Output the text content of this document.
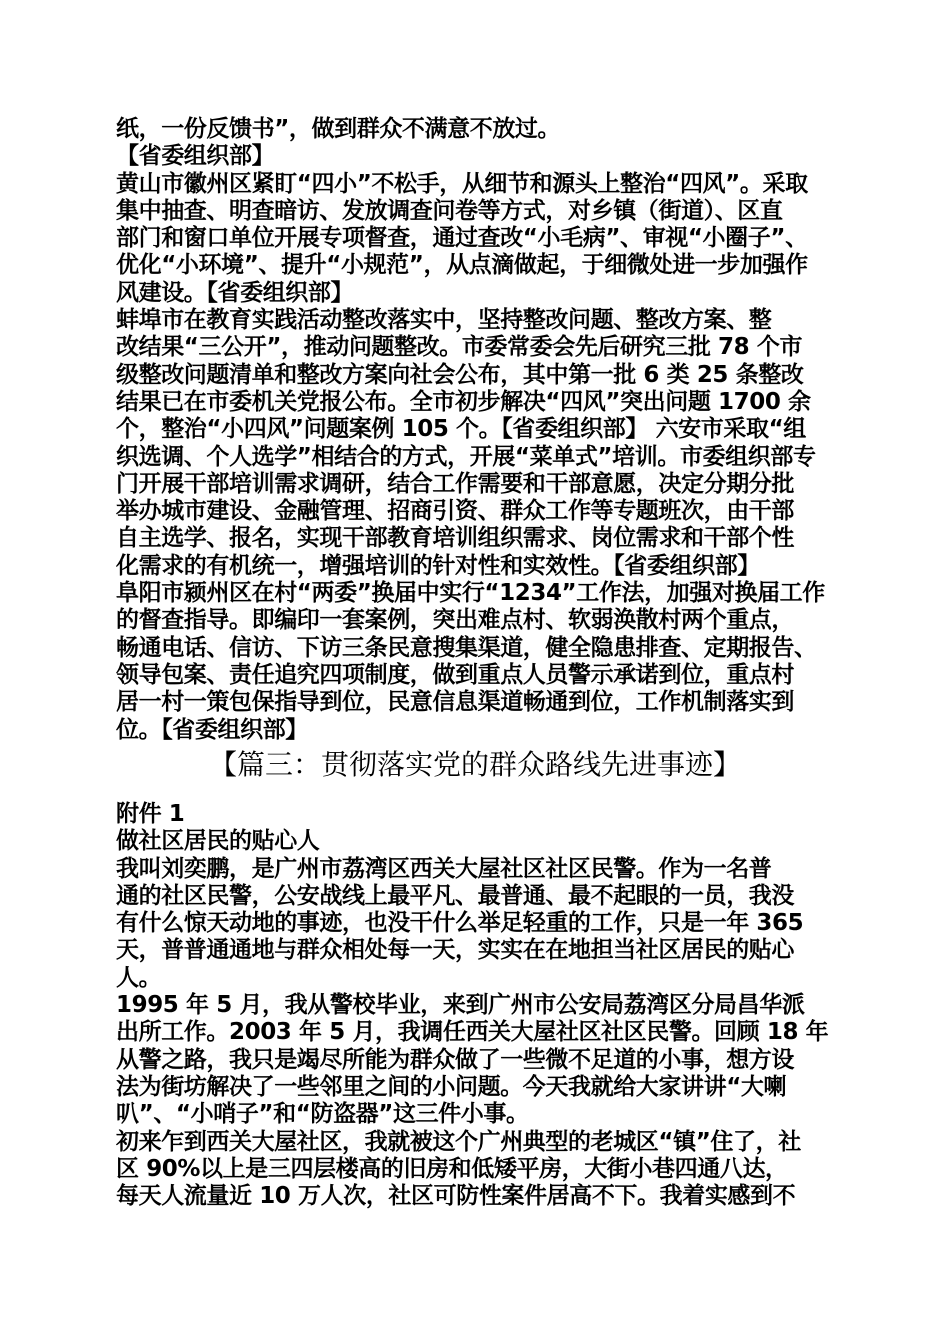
纸，一份反馈书”，做到群众不满意不放过。
【省委组织部】
黄山市徽州区紧盯“四小”不松手，从细节和源头上整治“四风”。采取
集中抽查、明查暗访、发放调查问卷等方式，对乡镇（街道）、区直
部门和窗口单位开展专项督查，通过查改“小毛病”、审视“小圈子”、
优化“小环境”、提升“小规范”，从点滴做起，于细微处进一步加强作
风建设。【省委组织部】
蚌埠市在教育实践活动整改落实中，坚持整改问题、整改方案、整
改结果“三公开”，推动问题整改。市委常委会先后研究三批 78 个市
级整改问题清单和整改方案向社会公布，其中第一批 6 类 25 条整改
结果已在市委机关党报公布。全市初步解决“四风”突出问题 1700 余
个，整治“小四风”问题案例 105 个。【省委组织部】 六安市采取“组
织选调、个人选学”相结合的方式，开展“菜单式”培训。市委组织部专
门开展干部培训需求调研，结合工作需要和干部意愿，决定分期分批
举办城市建设、金融管理、招商引资、群众工作等专题班次，由干部
自主选学、报名，实现干部教育培训组织需求、岗位需求和干部个性
化需求的有机统一，增强培训的针对性和实效性。【省委组织部】
阜阳市颍州区在村“两委”换届中实行“1234”工作法，加强对换届工作
的督查指导。即编印一套案例，突出难点村、软弱涣散村两个重点，
畅通电话、信访、下访三条民意搜集渠道，健全隐患排查、定期报告、
领导包案、责任追究四项制度，做到重点人员警示承诺到位，重点村
居一村一策包保指导到位，民意信息渠道畅通到位，工作机制落实到
位。【省委组织部】
【篇三：贯彻落实党的群众路线先进事迹】
附件 1
做社区居民的贴心人
我叫刘奕鹏，是广州市荔湾区西关大屋社区社区民警。作为一名普
通的社区民警，公安战线上最平凡、最普通、最不起眼的一员，我没
有什么惊天动地的事迹，也没干什么举足轻重的工作，只是一年 365
天，普普通通地与群众相处每一天，实实在在地担当社区居民的贴心
人。
1995 年 5 月，我从警校毕业，来到广州市公安局荔湾区分局昌华派
出所工作。2003 年 5 月，我调任西关大屋社区社区民警。回顾 18 年
从警之路，我只是竭尽所能为群众做了一些微不足道的小事，想方设
法为街坊解决了一些邻里之间的小问题。今天我就给大家讲讲“大喇
叭”、“小哨子”和“防盗器”这三件小事。
初来乍到西关大屋社区，我就被这个广州典型的老城区“镇”住了，社
区 90%以上是三四层楼高的旧房和低矮平房，大街小巷四通八达，
每天人流量近 10 万人次，社区可防性案件居高不下。我着实感到不
